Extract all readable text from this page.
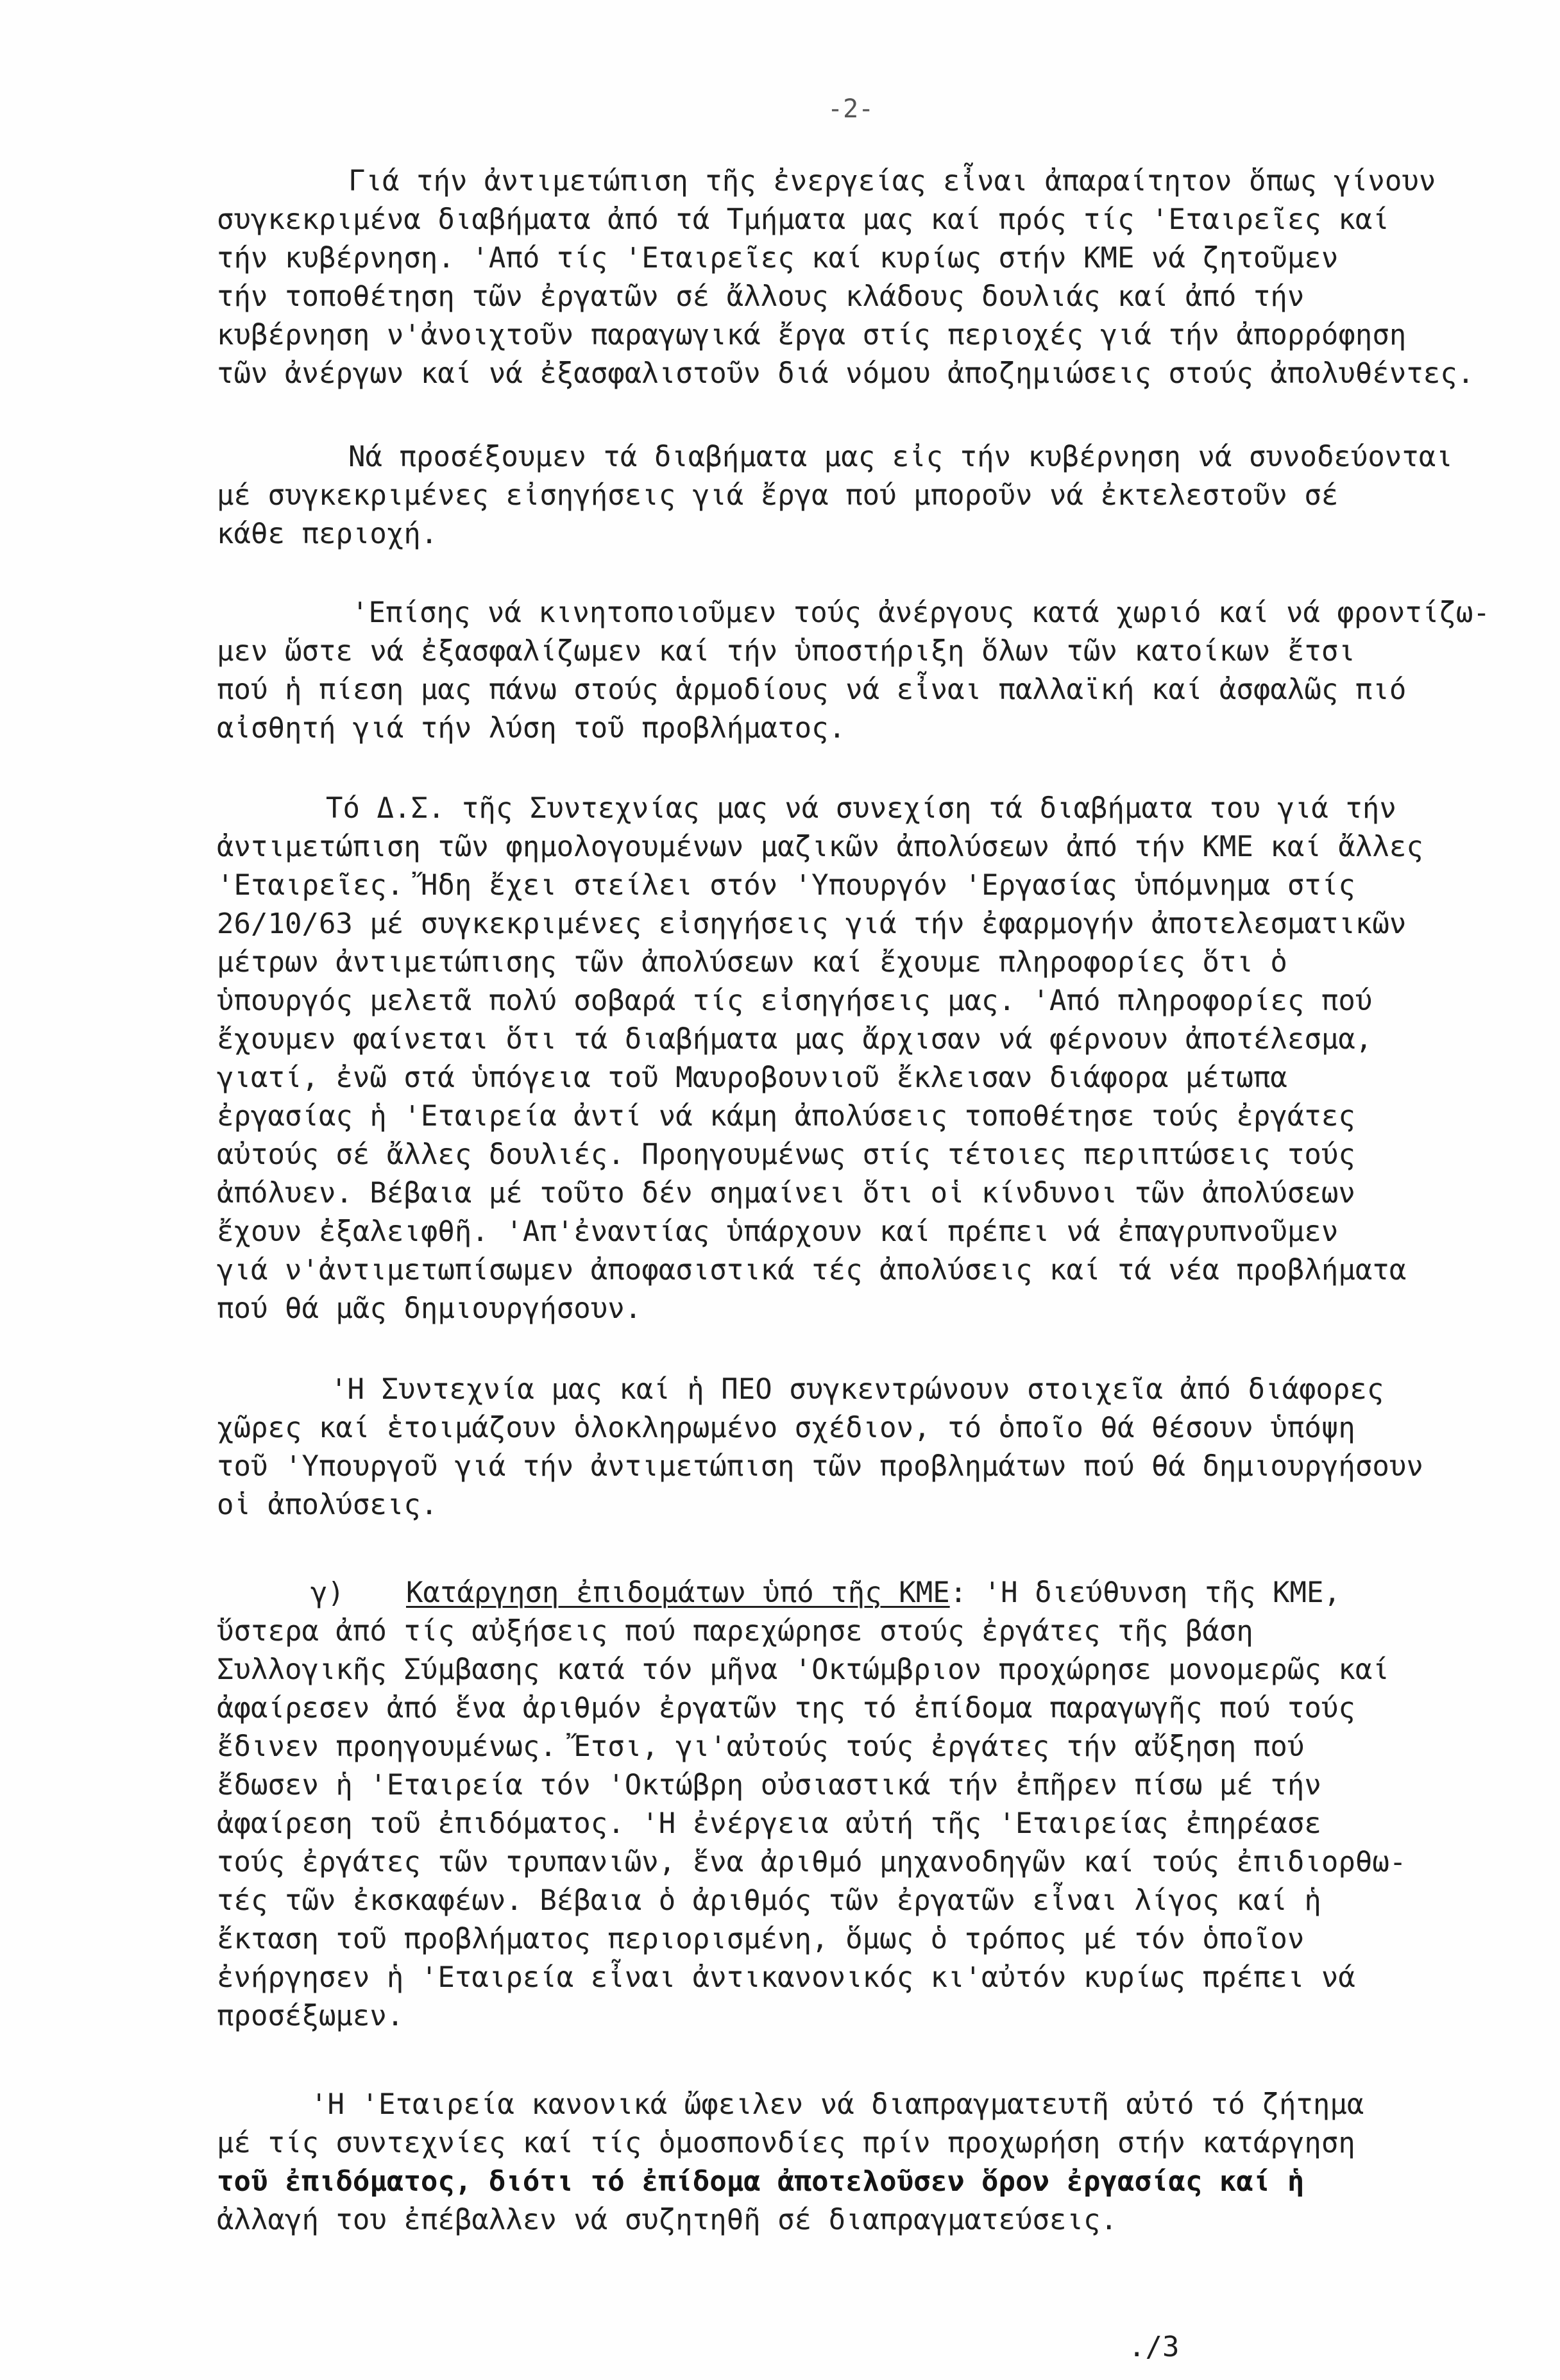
-2-
Γιά τήν ἀντιμετώπιση τῆς ἐνεργείας εἶναι ἀπαραίτητον ὅπως γίνουν
συγκεκριμένα διαβήματα ἀπό τά Τμήματα μας καί πρός τίς 'Εταιρεῖες καί
τήν κυβέρνηση. 'Από τίς 'Εταιρεῖες καί κυρίως στήν ΚΜΕ νά ζητοῦμεν
τήν τοποθέτηση τῶν ἐργατῶν σέ ἄλλους κλάδους δουλιάς καί ἀπό τήν
κυβέρνηση ν'ἀνοιχτοῦν παραγωγικά ἔργα στίς περιοχές γιά τήν ἀπορρόφηση
τῶν ἀνέργων καί νά ἐξασφαλιστοῦν διά νόμου ἀποζημιώσεις στούς ἀπολυθέντες.
Νά προσέξουμεν τά διαβήματα μας εἰς τήν κυβέρνηση νά συνοδεύονται
μέ συγκεκριμένες εἰσηγήσεις γιά ἔργα πού μποροῦν νά ἐκτελεστοῦν σέ
κάθε περιοχή.
'Επίσης νά κινητοποιοῦμεν τούς ἀνέργους κατά χωριό καί νά φροντίζω-
μεν ὥστε νά ἐξασφαλίζωμεν καί τήν ὑποστήριξη ὅλων τῶν κατοίκων ἔτσι
πού ἡ πίεση μας πάνω στούς ἁρμοδίους νά εἶναι παλλαϊκή καί ἀσφαλῶς πιό
αἰσθητή γιά τήν λύση τοῦ προβλήματος.
Τό Δ.Σ. τῆς Συντεχνίας μας νά συνεχίση τά διαβήματα του γιά τήν
ἀντιμετώπιση τῶν φημολογουμένων μαζικῶν ἀπολύσεων ἀπό τήν ΚΜΕ καί ἄλλες
'Εταιρεῖες. Ἤδη ἔχει στείλει στόν 'Υπουργόν 'Εργασίας ὑπόμνημα στίς
26/10/63 μέ συγκεκριμένες εἰσηγήσεις γιά τήν ἐφαρμογήν ἀποτελεσματικῶν
μέτρων ἀντιμετώπισης τῶν ἀπολύσεων καί ἔχουμε πληροφορίες ὅτι ὁ
ὑπουργός μελετᾶ πολύ σοβαρά τίς εἰσηγήσεις μας. 'Από πληροφορίες πού
ἔχουμεν φαίνεται ὅτι τά διαβήματα μας ἄρχισαν νά φέρνουν ἀποτέλεσμα,
γιατί, ἐνῶ στά ὑπόγεια τοῦ Μαυροβουνιοῦ ἔκλεισαν διάφορα μέτωπα
ἐργασίας ἡ 'Εταιρεία ἀντί νά κάμη ἀπολύσεις τοποθέτησε τούς ἐργάτες
αὐτούς σέ ἄλλες δουλιές. Προηγουμένως στίς τέτοιες περιπτώσεις τούς
ἀπόλυεν. Βέβαια μέ τοῦτο δέν σημαίνει ὅτι οἱ κίνδυνοι τῶν ἀπολύσεων
ἔχουν ἐξαλειφθῆ. 'Απ'ἐναντίας ὑπάρχουν καί πρέπει νά ἐπαγρυπνοῦμεν
γιά ν'ἀντιμετωπίσωμεν ἀποφασιστικά τές ἀπολύσεις καί τά νέα προβλήματα
πού θά μᾶς δημιουργήσουν.
'Η Συντεχνία μας καί ἡ ΠΕΟ συγκεντρώνουν στοιχεῖα ἀπό διάφορες
χῶρες καί ἑτοιμάζουν ὁλοκληρωμένο σχέδιον, τό ὁποῖο θά θέσουν ὑπόψη
τοῦ 'Υπουργοῦ γιά τήν ἀντιμετώπιση τῶν προβλημάτων πού θά δημιουργήσουν
οἱ ἀπολύσεις.
γ) Κατάργηση ἐπιδομάτων ὑπό τῆς ΚΜΕ: 'Η διεύθυνση τῆς ΚΜΕ,
ὕστερα ἀπό τίς αὐξήσεις πού παρεχώρησε στούς ἐργάτες τῆς βάση
Συλλογικῆς Σύμβασης κατά τόν μῆνα 'Οκτώμβριον προχώρησε μονομερῶς καί
ἀφαίρεσεν ἀπό ἕνα ἀριθμόν ἐργατῶν της τό ἐπίδομα παραγωγῆς πού τούς
ἔδινεν προηγουμένως. Ἔτσι, γι'αὐτούς τούς ἐργάτες τήν αὔξηση πού
ἔδωσεν ἡ 'Εταιρεία τόν 'Οκτώβρη οὐσιαστικά τήν ἐπῆρεν πίσω μέ τήν
ἀφαίρεση τοῦ ἐπιδόματος. 'Η ἐνέργεια αὐτή τῆς 'Εταιρείας ἐπηρέασε
τούς ἐργάτες τῶν τρυπανιῶν, ἕνα ἀριθμό μηχανοδηγῶν καί τούς ἐπιδιορθω-
τές τῶν ἐκσκαφέων. Βέβαια ὁ ἀριθμός τῶν ἐργατῶν εἶναι λίγος καί ἡ
ἔκταση τοῦ προβλήματος περιορισμένη, ὅμως ὁ τρόπος μέ τόν ὁποῖον
ἐνήργησεν ἡ 'Εταιρεία εἶναι ἀντικανονικός κι'αὐτόν κυρίως πρέπει νά
προσέξωμεν.
'Η 'Εταιρεία κανονικά ὤφειλεν νά διαπραγματευτῆ αὐτό τό ζήτημα
μέ τίς συντεχνίες καί τίς ὁμοσπονδίες πρίν προχωρήση στήν κατάργηση
τοῦ ἐπιδόματος, διότι τό ἐπίδομα ἀποτελοῦσεν ὅρον ἐργασίας καί ἡ
ἀλλαγή του ἐπέβαλλεν νά συζητηθῆ σέ διαπραγματεύσεις.
./3
